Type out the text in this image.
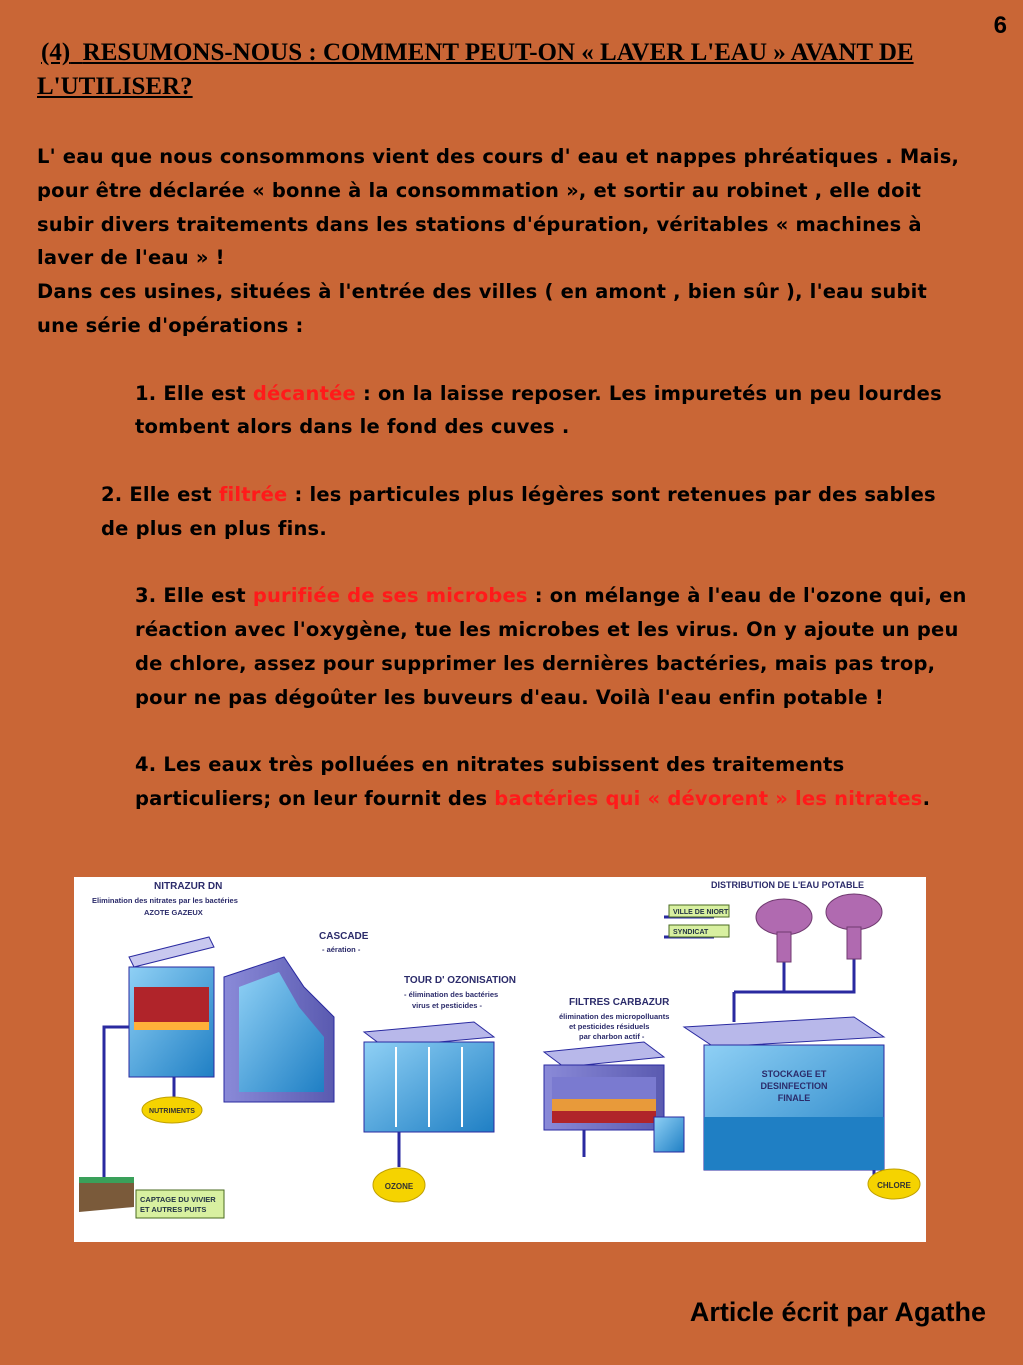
6
(4) RESUMONS-NOUS : COMMENT PEUT-ON « LAVER L'EAU » AVANT DE L'UTILISER?

L' eau que nous consommons vient des cours d' eau et nappes phréatiques . Mais, pour être déclarée « bonne à la consommation », et sortir au robinet , elle doit subir divers traitements dans les stations d'épuration, véritables « machines à laver de l'eau » !

Dans ces usines, situées à l'entrée des villes ( en amont , bien sûr ), l'eau subit une série d'opérations :

1. Elle est décantée : on la laisse reposer. Les impuretés un peu lourdes tombent alors dans le fond des cuves .

2. Elle est filtrée : les particules plus légères sont retenues par des sables de plus en plus fins.

3. Elle est purifiée de ses microbes : on mélange à l'eau de l'ozone qui, en réaction avec l'oxygène, tue les microbes et les virus. On y ajoute un peu de chlore, assez pour supprimer les dernières bactéries, mais pas trop, pour ne pas dégoûter les buveurs d'eau. Voilà l'eau enfin potable !

4. Les eaux très polluées en nitrates subissent des traitements particuliers; on leur fournit des bactéries qui « dévorent » les nitrates.

VILLE DE NIORT
SYNDICAT
CAPTAGE DU VIVIER
ET AUTRES PUITS
NUTRIMENTS
OZONE	CHLORE
NITRAZUR DN
Elimination des nitrates par les bactéries
AZOTE GAZEUX
CASCADE
- aération -
TOUR D' OZONISATION
- élimination des bactéries
virus et pesticides -	FILTRES CARBAZUR
élimination des micropolluants
et pesticides résiduels
par charbon actif -
DISTRIBUTION DE L'EAU POTABLE
STOCKAGE ET
DESINFECTION
FINALE
Article écrit par Agathe
